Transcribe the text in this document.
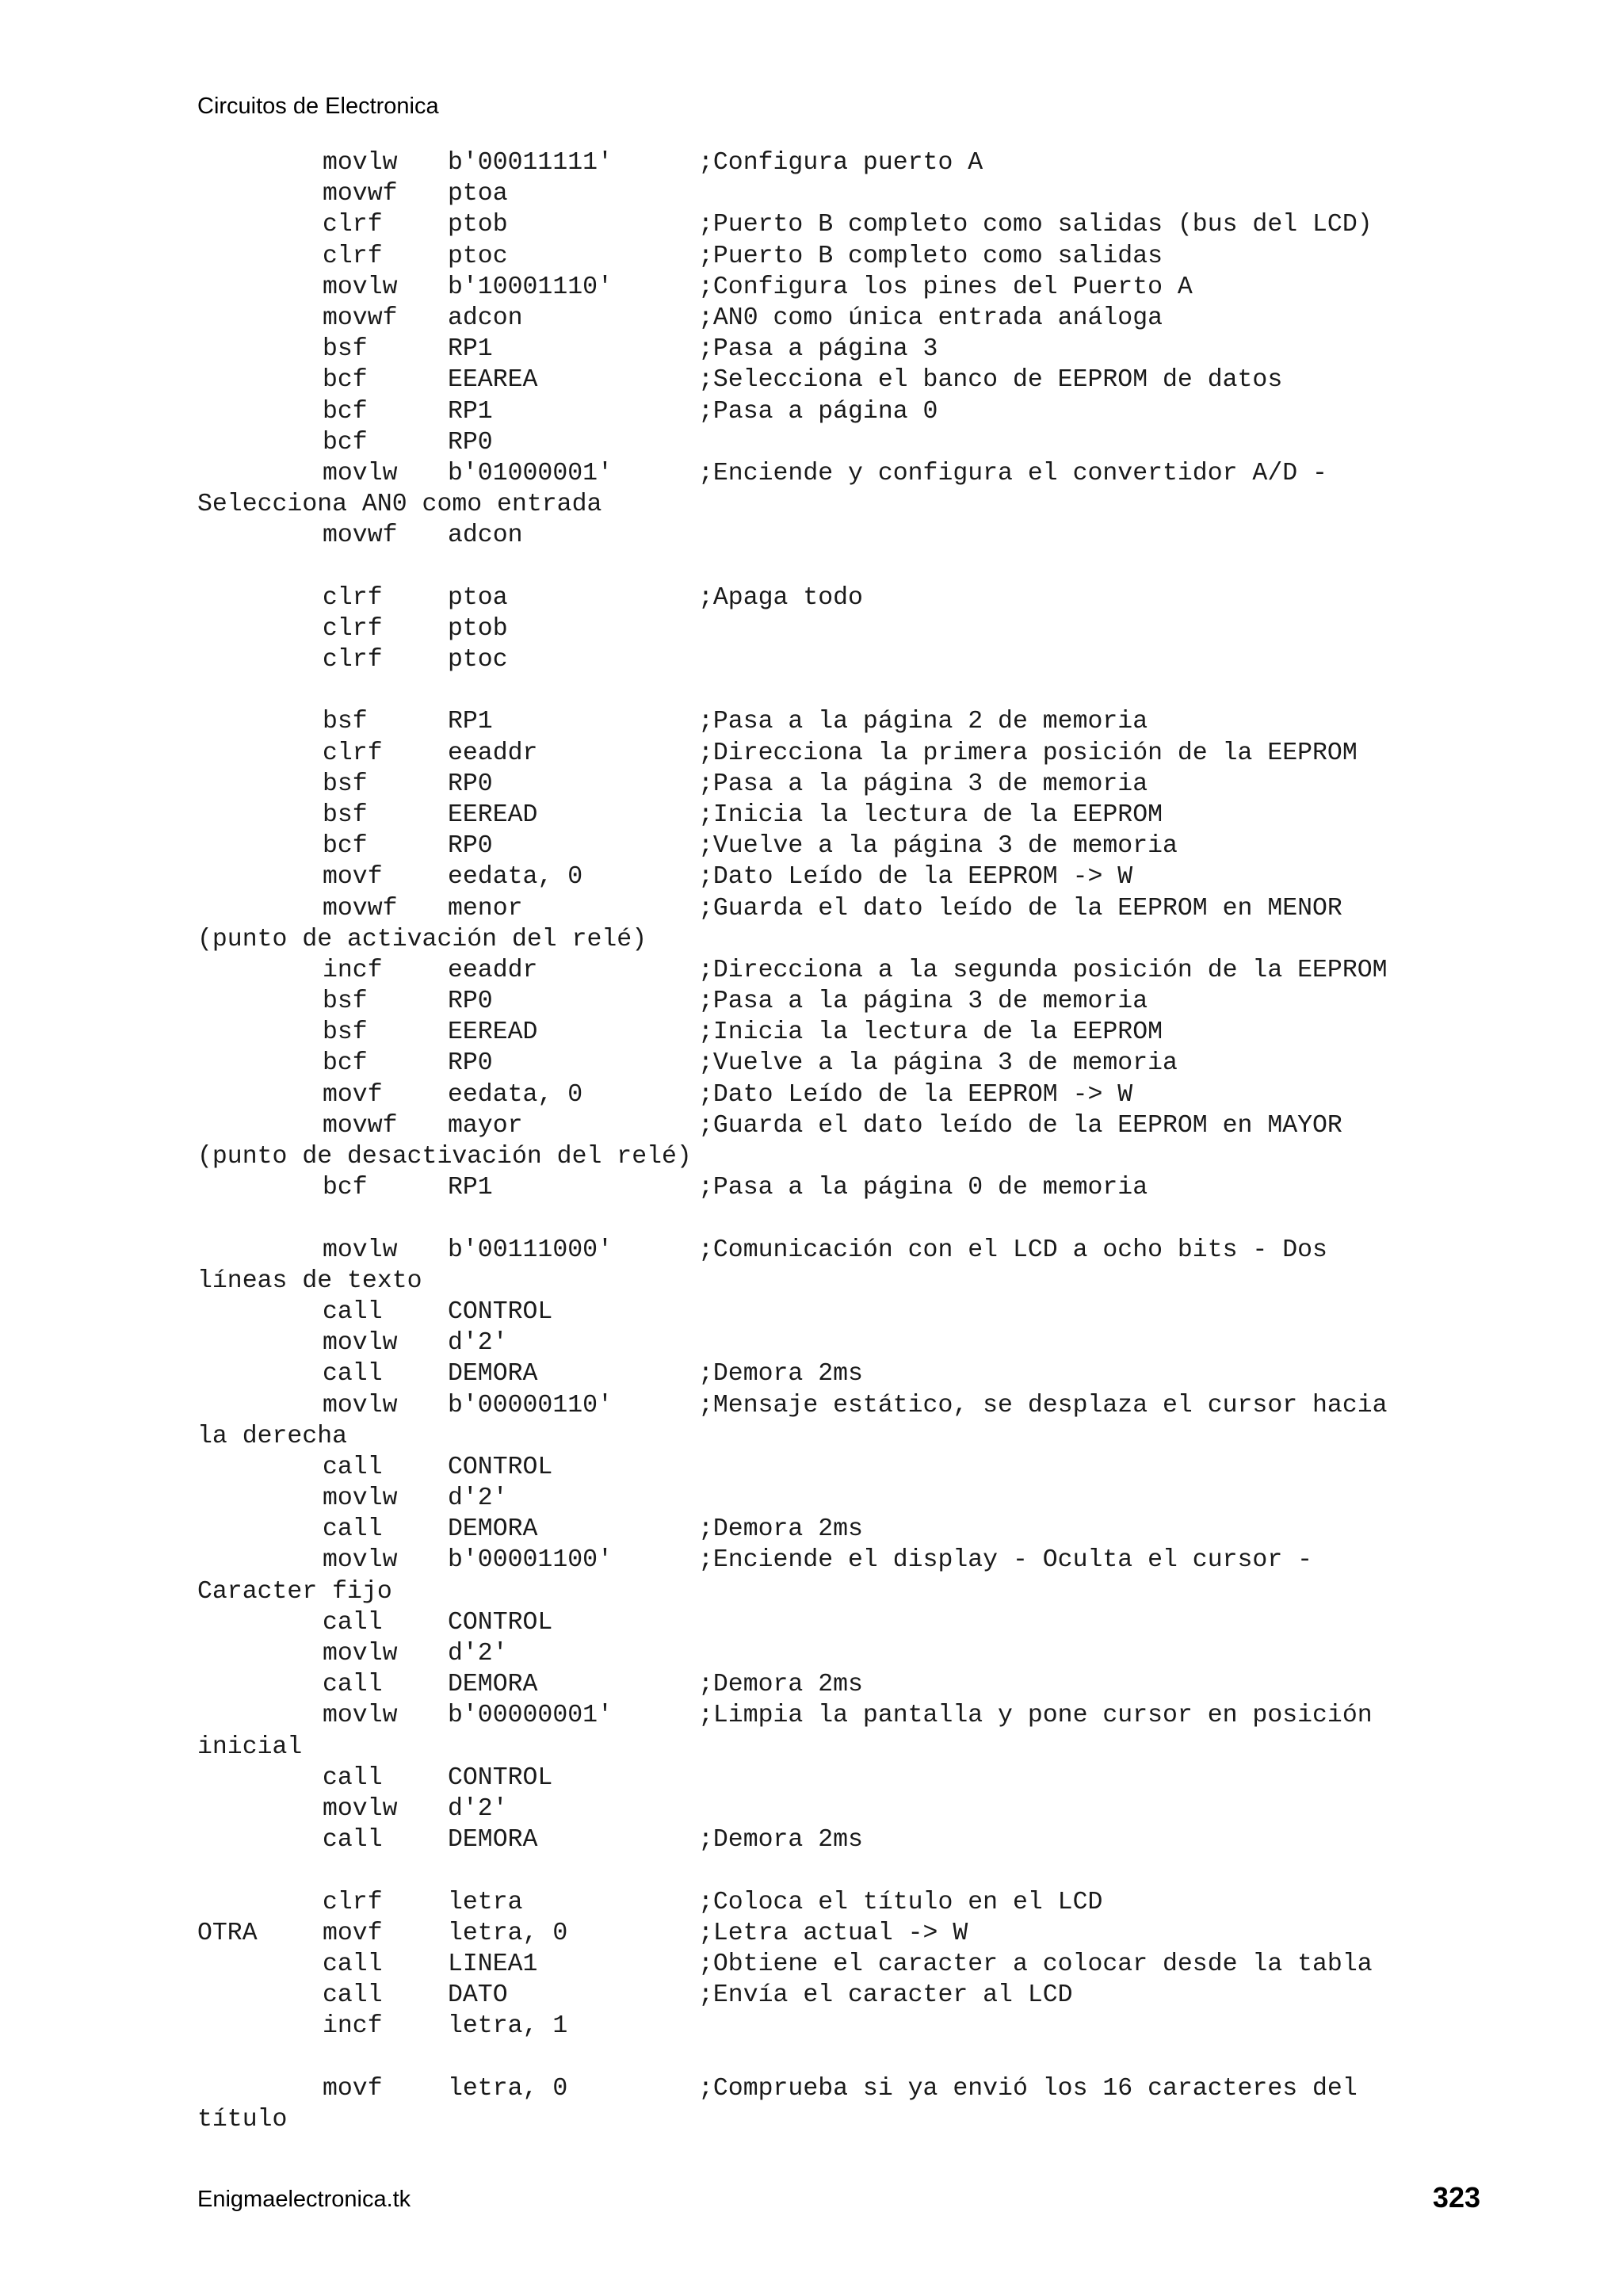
Circuitos de Electronica
movlw b'00011111'	;Configura puerto A
movwf ptoa
clrf	ptob	;Puerto B completo como salidas (bus del LCD)
clrf	ptoc	;Puerto B completo como salidas
movlw b'10001110'	;Configura los pines del Puerto A
movwf adcon	;AN0 como única entrada análoga
bsf	RP1	;Pasa a página 3
bcf	EEAREA	;Selecciona el banco de EEPROM de datos
bcf	RP1	;Pasa a página 0
bcf	RP0
movlw b'01000001'	;Enciende y configura el convertidor A/D -
Selecciona AN0 como entrada
movwf adcon
clrf	ptoa	;Apaga todo
clrf	ptob
clrf	ptoc
bsf	RP1	;Pasa a la página 2 de memoria
clrf	eeaddr	;Direcciona la primera posición de la EEPROM
bsf	RP0	;Pasa a la página 3 de memoria
bsf	EEREAD	;Inicia la lectura de la EEPROM
bcf	RP0	;Vuelve a la página 3 de memoria
movf	eedata, 0	;Dato Leído de la EEPROM -> W
movwf menor	;Guarda el dato leído de la EEPROM en MENOR
(punto de activación del relé)
incf	eeaddr	;Direcciona a la segunda posición de la EEPROM
bsf	RP0	;Pasa a la página 3 de memoria
bsf	EEREAD	;Inicia la lectura de la EEPROM
bcf	RP0	;Vuelve a la página 3 de memoria
movf	eedata, 0	;Dato Leído de la EEPROM -> W
movwf mayor	;Guarda el dato leído de la EEPROM en MAYOR
(punto de desactivación del relé)
bcf	RP1	;Pasa a la página 0 de memoria
movlw b'00111000'	;Comunicación con el LCD a ocho bits - Dos
líneas de texto
call	CONTROL
movlw d'2'
call	DEMORA	;Demora 2ms
movlw b'00000110'	;Mensaje estático, se desplaza el cursor hacia
la derecha
call	CONTROL
movlw d'2'
call	DEMORA	;Demora 2ms
movlw b'00001100'	;Enciende el display - Oculta el cursor -
Caracter fijo
call	CONTROL
movlw d'2'
call	DEMORA	;Demora 2ms
movlw b'00000001'	;Limpia la pantalla y pone cursor en posición
inicial
call	CONTROL
movlw d'2'
call	DEMORA	;Demora 2ms
clrf	letra	;Coloca el título en el LCD
OTRA	movf	letra, 0	;Letra actual -> W
call	LINEA1	;Obtiene el caracter a colocar desde la tabla
call	DATO	;Envía el caracter al LCD
incf	letra, 1
movf	letra, 0	;Comprueba si ya envió los 16 caracteres del
título
Enigmaelectronica.tk	323
